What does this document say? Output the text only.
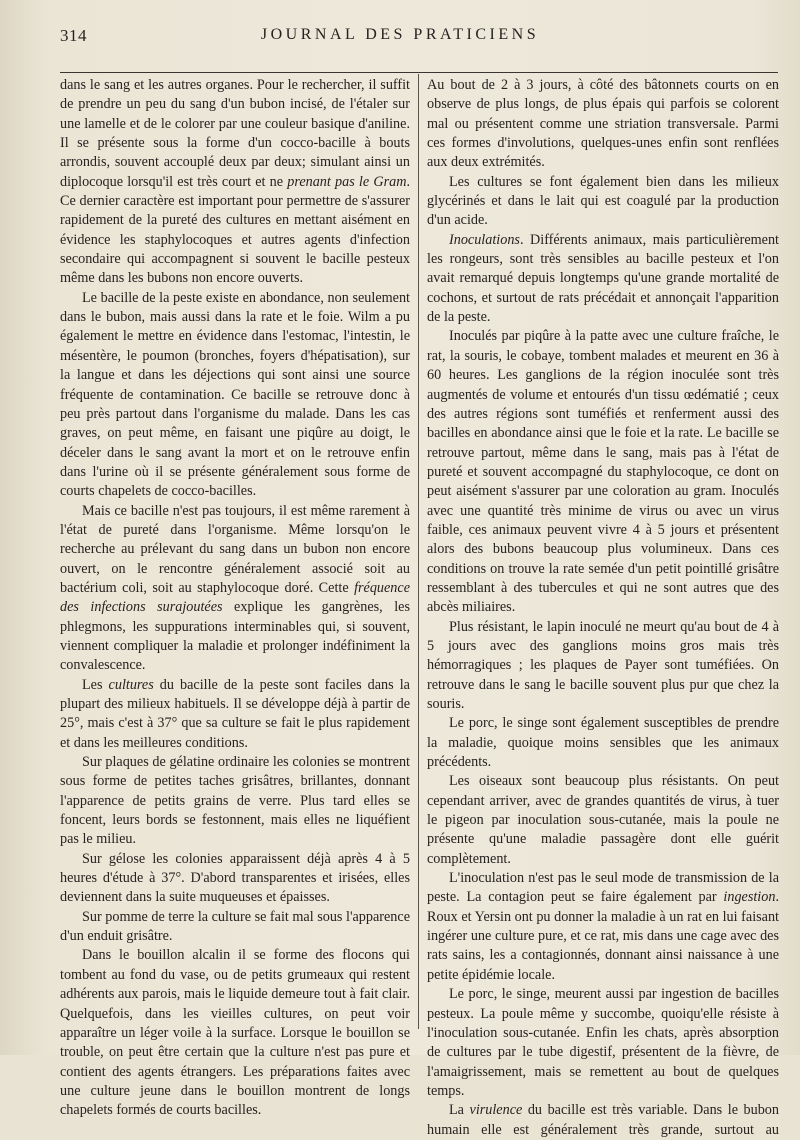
314	JOURNAL DES PRATICIENS

dans le sang et les autres organes. Pour le rechercher, il suffit de prendre un peu du sang d'un bubon incisé, de l'étaler sur une lamelle et de le colorer par une couleur basique d'aniline. Il se présente sous la forme d'un cocco-bacille à bouts arrondis, souvent accouplé deux par deux; simulant ainsi un diplocoque lorsqu'il est très court et ne prenant pas le Gram. Ce dernier caractère est important pour permettre de s'assurer rapidement de la pureté des cultures en mettant aisément en évidence les staphylocoques et autres agents d'infection secondaire qui accompagnent si souvent le bacille pesteux même dans les bubons non encore ouverts.

Le bacille de la peste existe en abondance, non seulement dans le bubon, mais aussi dans la rate et le foie. Wilm a pu également le mettre en évidence dans l'estomac, l'intestin, le mésentère, le poumon (bronches, foyers d'hépatisation), sur la langue et dans les déjections qui sont ainsi une source fréquente de contamination. Ce bacille se retrouve donc à peu près partout dans l'organisme du malade. Dans les cas graves, on peut même, en faisant une piqûre au doigt, le déceler dans le sang avant la mort et on le retrouve enfin dans l'urine où il se présente généralement sous forme de courts chapelets de cocco-bacilles.

Mais ce bacille n'est pas toujours, il est même rarement à l'état de pureté dans l'organisme. Même lorsqu'on le recherche au prélevant du sang dans un bubon non encore ouvert, on le rencontre généralement associé soit au bactérium coli, soit au staphylocoque doré. Cette fréquence des infections surajoutées explique les gangrènes, les phlegmons, les suppurations interminables qui, si souvent, viennent compliquer la maladie et prolonger indéfiniment la convalescence.

Les cultures du bacille de la peste sont faciles dans la plupart des milieux habituels. Il se développe déjà à partir de 25°, mais c'est à 37° que sa culture se fait le plus rapidement et dans les meilleures conditions.

Sur plaques de gélatine ordinaire les colonies se montrent sous forme de petites taches grisâtres, brillantes, donnant l'apparence de petits grains de verre. Plus tard elles se foncent, leurs bords se festonnent, mais elles ne liquéfient pas le milieu.

Sur gélose les colonies apparaissent déjà après 4 à 5 heures d'étude à 37°. D'abord transparentes et irisées, elles deviennent dans la suite muqueuses et épaisses.

Sur pomme de terre la culture se fait mal sous l'apparence d'un enduit grisâtre.

Dans le bouillon alcalin il se forme des flocons qui tombent au fond du vase, ou de petits grumeaux qui restent adhérents aux parois, mais le liquide demeure tout à fait clair. Quelquefois, dans les vieilles cultures, on peut voir apparaître un léger voile à la surface. Lorsque le bouillon se trouble, on peut être certain que la culture n'est pas pure et contient des agents étrangers. Les préparations faites avec une culture jeune dans le bouillon montrent de longs chapelets formés de courts bacilles.

Au bout de 2 à 3 jours, à côté des bâtonnets courts on en observe de plus longs, de plus épais qui parfois se colorent mal ou présentent comme une striation transversale. Parmi ces formes d'involutions, quelques-unes enfin sont renflées aux deux extrémités.

Les cultures se font également bien dans les milieux glycérinés et dans le lait qui est coagulé par la production d'un acide.

Inoculations. Différents animaux, mais particulièrement les rongeurs, sont très sensibles au bacille pesteux et l'on avait remarqué depuis longtemps qu'une grande mortalité de cochons, et surtout de rats précédait et annonçait l'apparition de la peste.

Inoculés par piqûre à la patte avec une culture fraîche, le rat, la souris, le cobaye, tombent malades et meurent en 36 à 60 heures. Les ganglions de la région inoculée sont très augmentés de volume et entourés d'un tissu œdématié ; ceux des autres régions sont tuméfiés et renferment aussi des bacilles en abondance ainsi que le foie et la rate. Le bacille se retrouve partout, même dans le sang, mais pas à l'état de pureté et souvent accompagné du staphylocoque, ce dont on peut aisément s'assurer par une coloration au gram. Inoculés avec une quantité très minime de virus ou avec un virus faible, ces animaux peuvent vivre 4 à 5 jours et présentent alors des bubons beaucoup plus volumineux. Dans ces conditions on trouve la rate semée d'un petit pointillé grisâtre ressemblant à des tubercules et qui ne sont autres que des abcès miliaires.

Plus résistant, le lapin inoculé ne meurt qu'au bout de 4 à 5 jours avec des ganglions moins gros mais très hémorragiques ; les plaques de Payer sont tuméfiées. On retrouve dans le sang le bacille souvent plus pur que chez la souris.

Le porc, le singe sont également susceptibles de prendre la maladie, quoique moins sensibles que les animaux précédents.

Les oiseaux sont beaucoup plus résistants. On peut cependant arriver, avec de grandes quantités de virus, à tuer le pigeon par inoculation sous-cutanée, mais la poule ne présente qu'une maladie passagère dont elle guérit complètement.

L'inoculation n'est pas le seul mode de transmission de la peste. La contagion peut se faire également par ingestion. Roux et Yersin ont pu donner la maladie à un rat en lui faisant ingérer une culture pure, et ce rat, mis dans une cage avec des rats sains, les a contagionnés, donnant ainsi naissance à une petite épidémie locale.

Le porc, le singe, meurent aussi par ingestion de bacilles pesteux. La poule même y succombe, quoiqu'elle résiste à l'inoculation sous-cutanée. Enfin les chats, après absorption de cultures par le tube digestif, présentent de la fièvre, de l'amaigrissement, mais se remettent au bout de quelques temps.

La virulence du bacille est très variable. Dans le bubon humain elle est généralement très grande, surtout au
